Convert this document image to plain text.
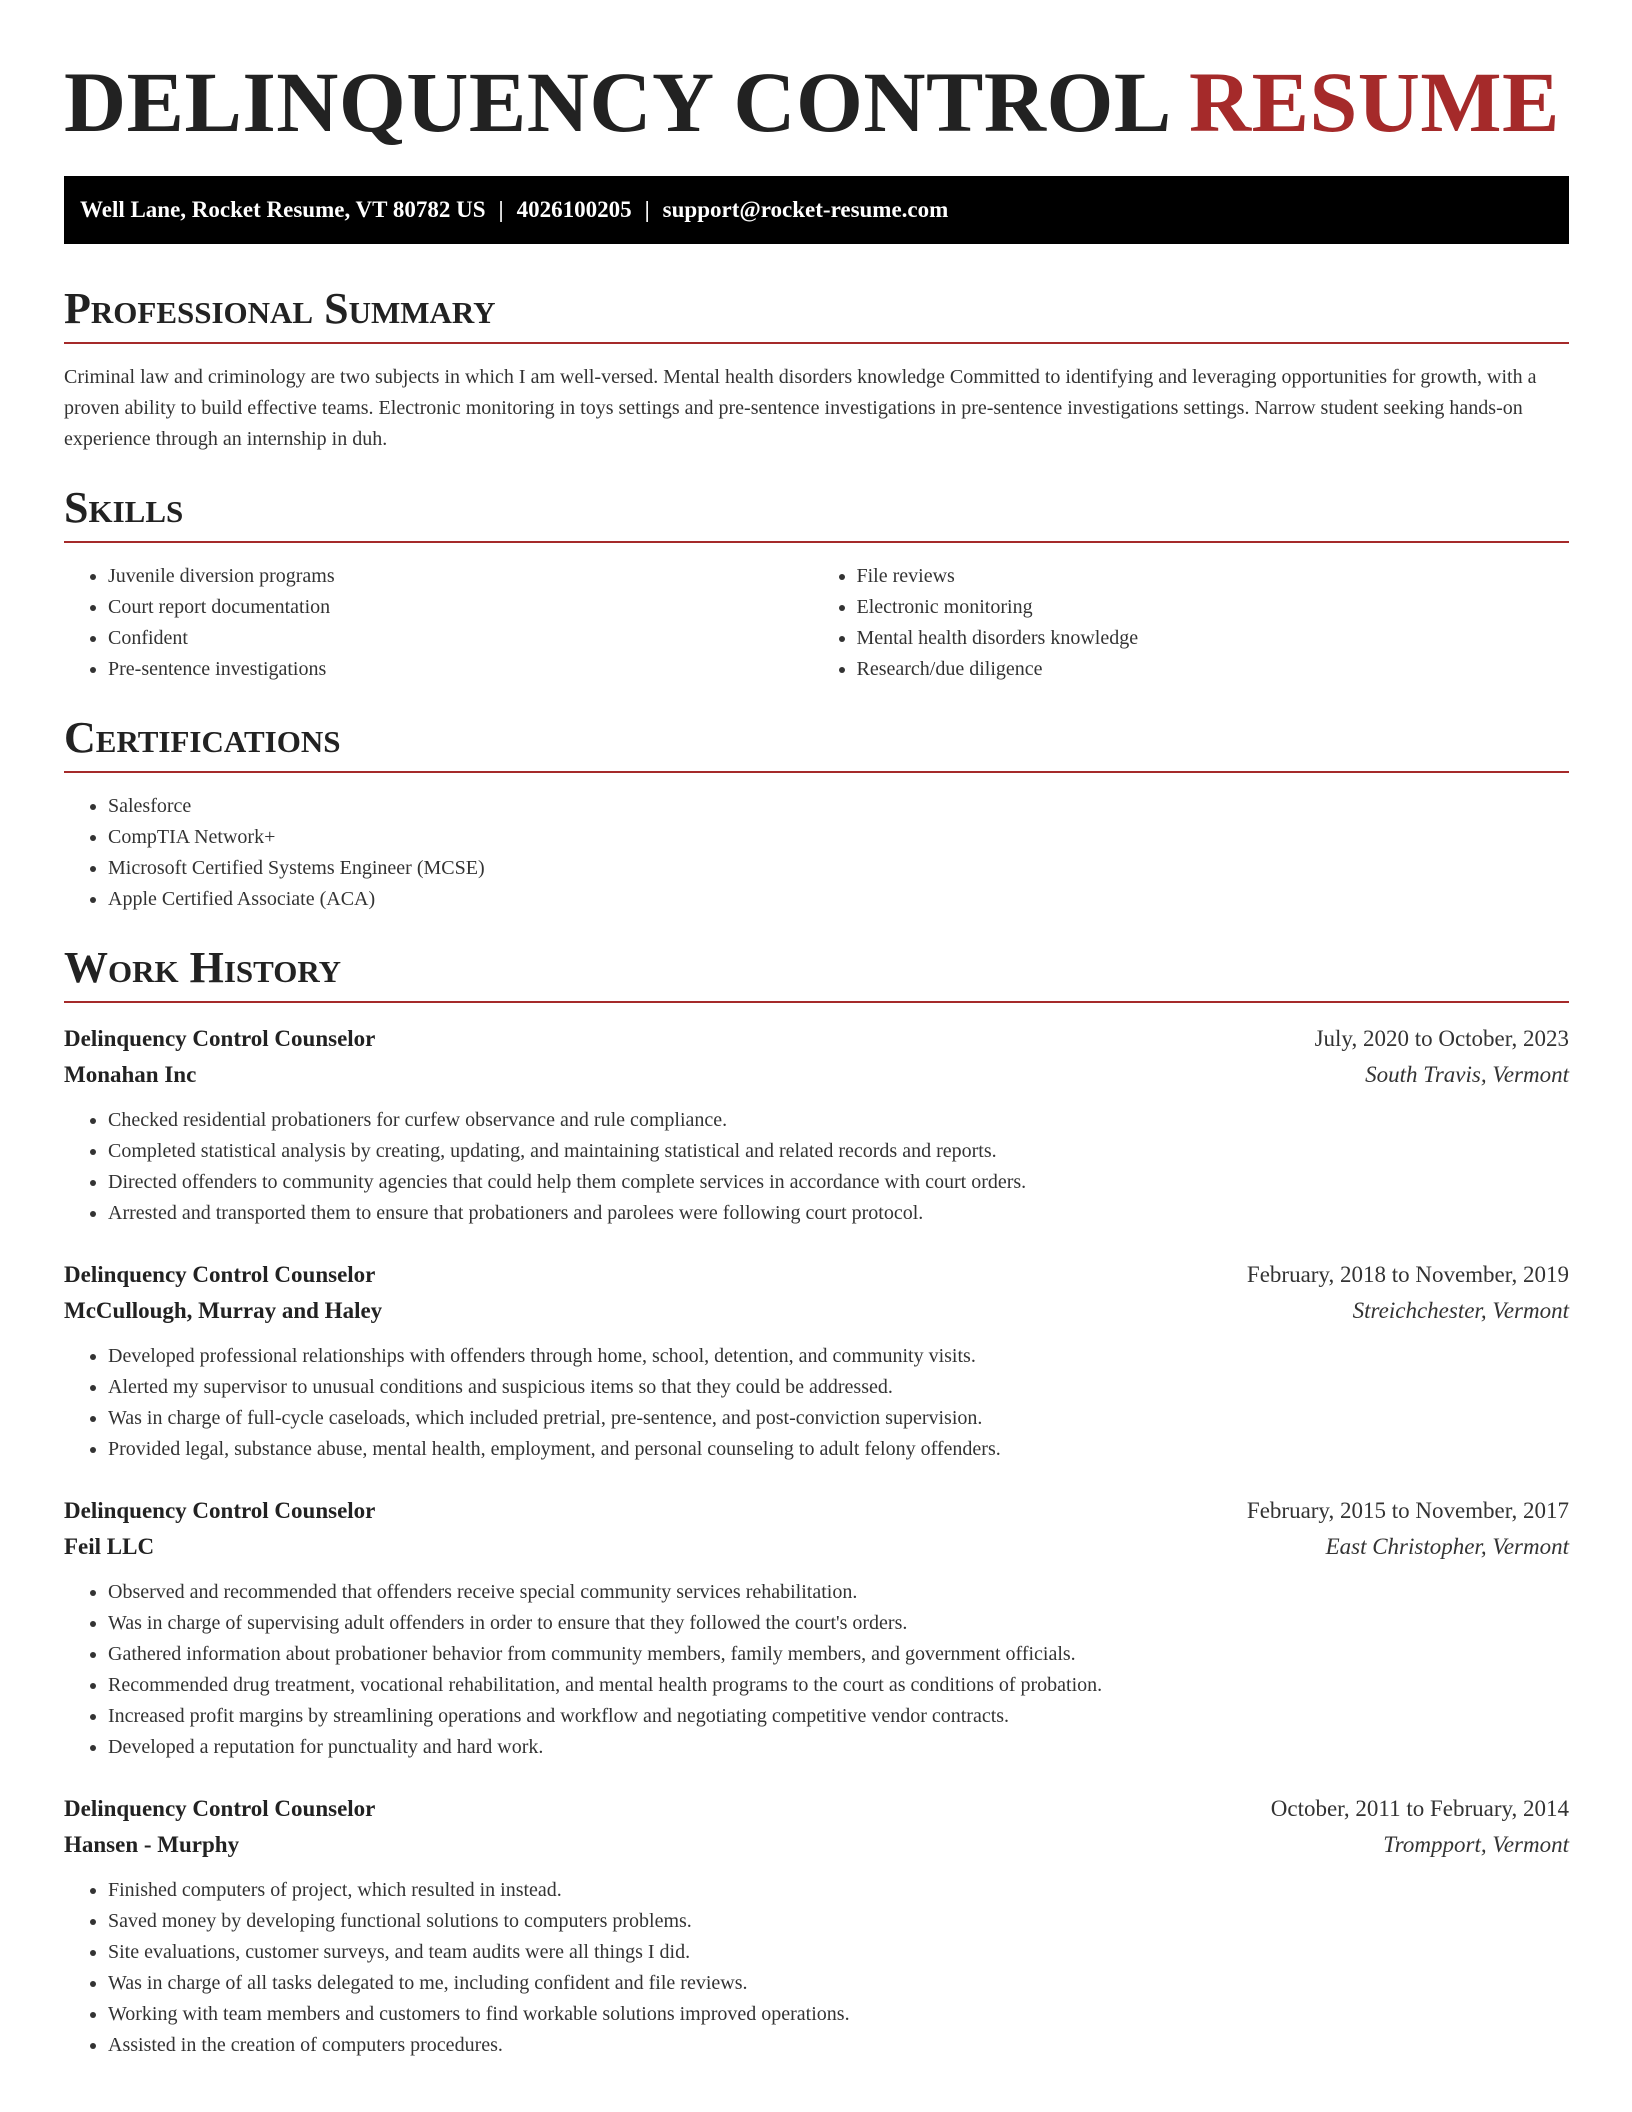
DELINQUENCY CONTROL RESUME
Well Lane, Rocket Resume, VT 80782 US | 4026100205 | support@rocket-resume.com
Professional Summary

Criminal law and criminology are two subjects in which I am well-versed. Mental health disorders knowledge Committed to identifying and leveraging opportunities for growth, with a proven ability to build effective teams. Electronic monitoring in toys settings and pre-sentence investigations in pre-sentence investigations settings. Narrow student seeking hands-on experience through an internship in duh.

Skills
• Juvenile diversion programs
• Court report documentation
• Confident
• Pre-sentence investigations
• File reviews
• Electronic monitoring
• Mental health disorders knowledge
• Research/due diligence
Certifications
• Salesforce
• CompTIA Network+
• Microsoft Certified Systems Engineer (MCSE)
• Apple Certified Associate (ACA)
Work History
Delinquency Control Counselor	July, 2020 to October, 2023
Monahan Inc	South Travis, Vermont
• Checked residential probationers for curfew observance and rule compliance.
• Completed statistical analysis by creating, updating, and maintaining statistical and related records and reports.
• Directed offenders to community agencies that could help them complete services in accordance with court orders.
• Arrested and transported them to ensure that probationers and parolees were following court protocol.
Delinquency Control Counselor	February, 2018 to November, 2019
McCullough, Murray and Haley	Streichchester, Vermont
• Developed professional relationships with offenders through home, school, detention, and community visits.
• Alerted my supervisor to unusual conditions and suspicious items so that they could be addressed.
• Was in charge of full-cycle caseloads, which included pretrial, pre-sentence, and post-conviction supervision.
• Provided legal, substance abuse, mental health, employment, and personal counseling to adult felony offenders.
Delinquency Control Counselor	February, 2015 to November, 2017
Feil LLC	East Christopher, Vermont
• Observed and recommended that offenders receive special community services rehabilitation.
• Was in charge of supervising adult offenders in order to ensure that they followed the court's orders.
• Gathered information about probationer behavior from community members, family members, and government officials.
• Recommended drug treatment, vocational rehabilitation, and mental health programs to the court as conditions of probation.
• Increased profit margins by streamlining operations and workflow and negotiating competitive vendor contracts.
• Developed a reputation for punctuality and hard work.
Delinquency Control Counselor	October, 2011 to February, 2014
Hansen - Murphy	Trompport, Vermont
• Finished computers of project, which resulted in instead.
• Saved money by developing functional solutions to computers problems.
• Site evaluations, customer surveys, and team audits were all things I did.
• Was in charge of all tasks delegated to me, including confident and file reviews.
• Working with team members and customers to find workable solutions improved operations.
• Assisted in the creation of computers procedures.
